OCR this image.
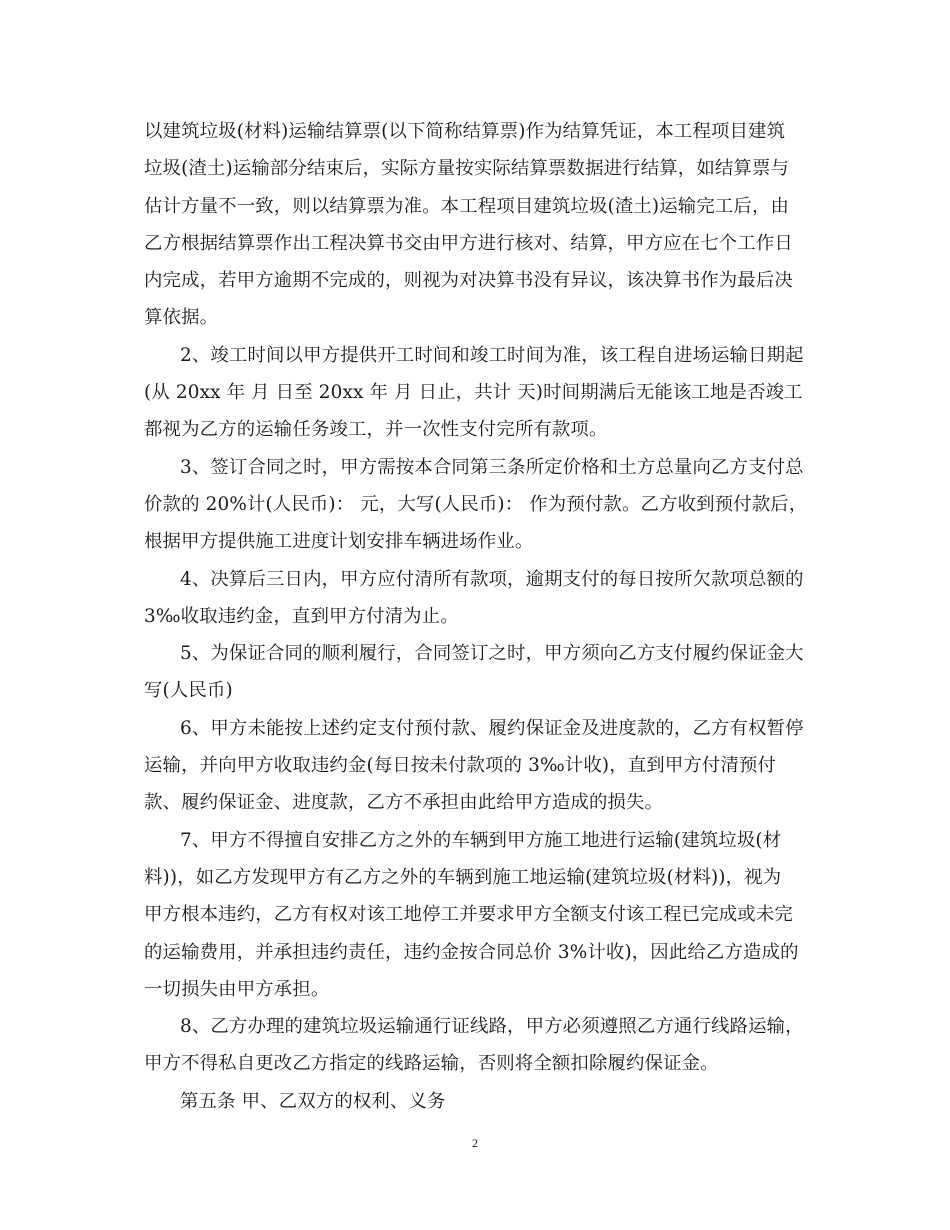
以建筑垃圾(材料)运输结算票(以下简称结算票)作为结算凭证，本工程项目建筑
垃圾(渣土)运输部分结束后，实际方量按实际结算票数据进行结算，如结算票与
估计方量不一致，则以结算票为准。本工程项目建筑垃圾(渣土)运输完工后，由
乙方根据结算票作出工程决算书交由甲方进行核对、结算，甲方应在七个工作日
内完成，若甲方逾期不完成的，则视为对决算书没有异议，该决算书作为最后决
算依据。
2、竣工时间以甲方提供开工时间和竣工时间为准，该工程自进场运输日期起
(从 20xx 年 月 日至 20xx 年 月 日止，共计 天)时间期满后无能该工地是否竣工
都视为乙方的运输任务竣工，并一次性支付完所有款项。
3、签订合同之时，甲方需按本合同第三条所定价格和土方总量向乙方支付总
价款的 20%计(人民币)： 元，大写(人民币)： 作为预付款。乙方收到预付款后，
根据甲方提供施工进度计划安排车辆进场作业。
4、决算后三日内，甲方应付清所有款项，逾期支付的每日按所欠款项总额的
3‰收取违约金，直到甲方付清为止。
5、为保证合同的顺利履行，合同签订之时，甲方须向乙方支付履约保证金大
写(人民币)
6、甲方未能按上述约定支付预付款、履约保证金及进度款的，乙方有权暂停
运输，并向甲方收取违约金(每日按未付款项的 3‰计收)，直到甲方付清预付
款、履约保证金、进度款，乙方不承担由此给甲方造成的损失。
7、甲方不得擅自安排乙方之外的车辆到甲方施工地进行运输(建筑垃圾(材
料))，如乙方发现甲方有乙方之外的车辆到施工地运输(建筑垃圾(材料))，视为
甲方根本违约，乙方有权对该工地停工并要求甲方全额支付该工程已完成或未完
的运输费用，并承担违约责任，违约金按合同总价 3%计收)，因此给乙方造成的
一切损失由甲方承担。
8、乙方办理的建筑垃圾运输通行证线路，甲方必须遵照乙方通行线路运输，
甲方不得私自更改乙方指定的线路运输，否则将全额扣除履约保证金。
第五条 甲、乙双方的权利、义务
2
